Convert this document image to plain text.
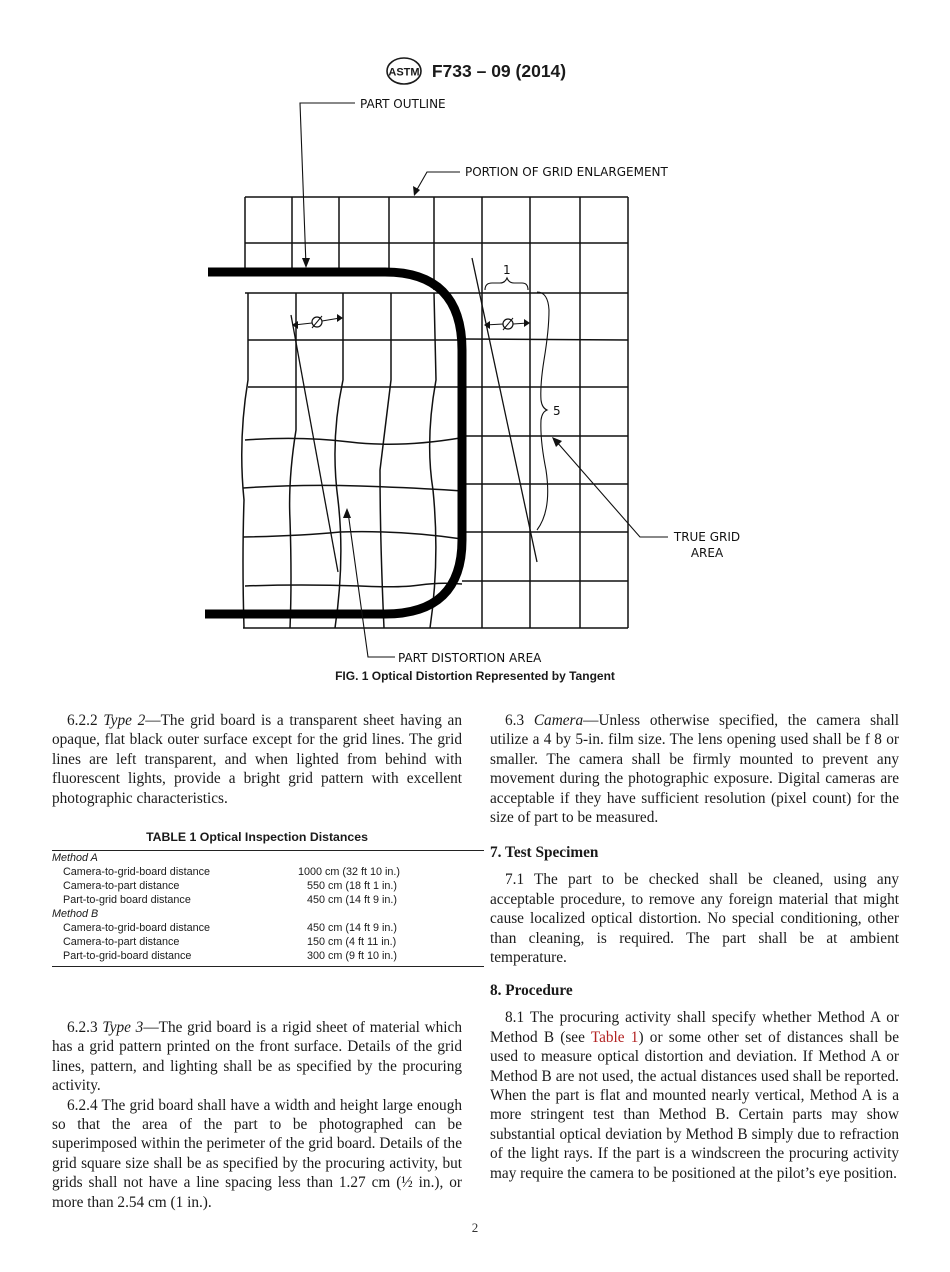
ASTM F733 – 09 (2014)
PART OUTLINE
PORTION OF GRID ENLARGEMENT
TRUE GRID
AREA
PART DISTORTION AREA
1
5
FIG. 1 Optical Distortion Represented by Tangent

6.2.2 Type 2—The grid board is a transparent sheet having an opaque, flat black outer surface except for the grid lines. The grid lines are left transparent, and when lighted from behind with fluorescent lights, provide a bright grid pattern with excellent photographic characteristics.

TABLE 1 Optical Inspection Distances
Method A	
Camera-to-grid-board distance	1000 cm (32 ft 10 in.)
Camera-to-part distance	550 cm (18 ft 1 in.)
Part-to-grid board distance	450 cm (14 ft 9 in.)
Method B	
Camera-to-grid-board distance	450 cm (14 ft 9 in.)
Camera-to-part distance	150 cm (4 ft 11 in.)
Part-to-grid-board distance	300 cm (9 ft 10 in.)

6.2.3 Type 3—The grid board is a rigid sheet of material which has a grid pattern printed on the front surface. Details of the grid lines, pattern, and lighting shall be as specified by the procuring activity.

6.2.4 The grid board shall have a width and height large enough so that the area of the part to be photographed can be superimposed within the perimeter of the grid board. Details of the grid square size shall be as specified by the procuring activity, but grids shall not have a line spacing less than 1.27 cm (½ in.), or more than 2.54 cm (1 in.).

6.3 Camera—Unless otherwise specified, the camera shall utilize a 4 by 5-in. film size. The lens opening used shall be f 8 or smaller. The camera shall be firmly mounted to prevent any movement during the photographic exposure. Digital cameras are acceptable if they have sufficient resolution (pixel count) for the size of part to be measured.

7. Test Specimen

7.1 The part to be checked shall be cleaned, using any acceptable procedure, to remove any foreign material that might cause localized optical distortion. No special conditioning, other than cleaning, is required. The part shall be at ambient temperature.

8. Procedure

8.1 The procuring activity shall specify whether Method A or Method B (see Table 1) or some other set of distances shall be used to measure optical distortion and deviation. If Method A or Method B are not used, the actual distances used shall be reported. When the part is flat and mounted nearly vertical, Method A is a more stringent test than Method B. Certain parts may show substantial optical deviation by Method B simply due to refraction of the light rays. If the part is a windscreen the procuring activity may require the camera to be positioned at the pilot’s eye position.

2
